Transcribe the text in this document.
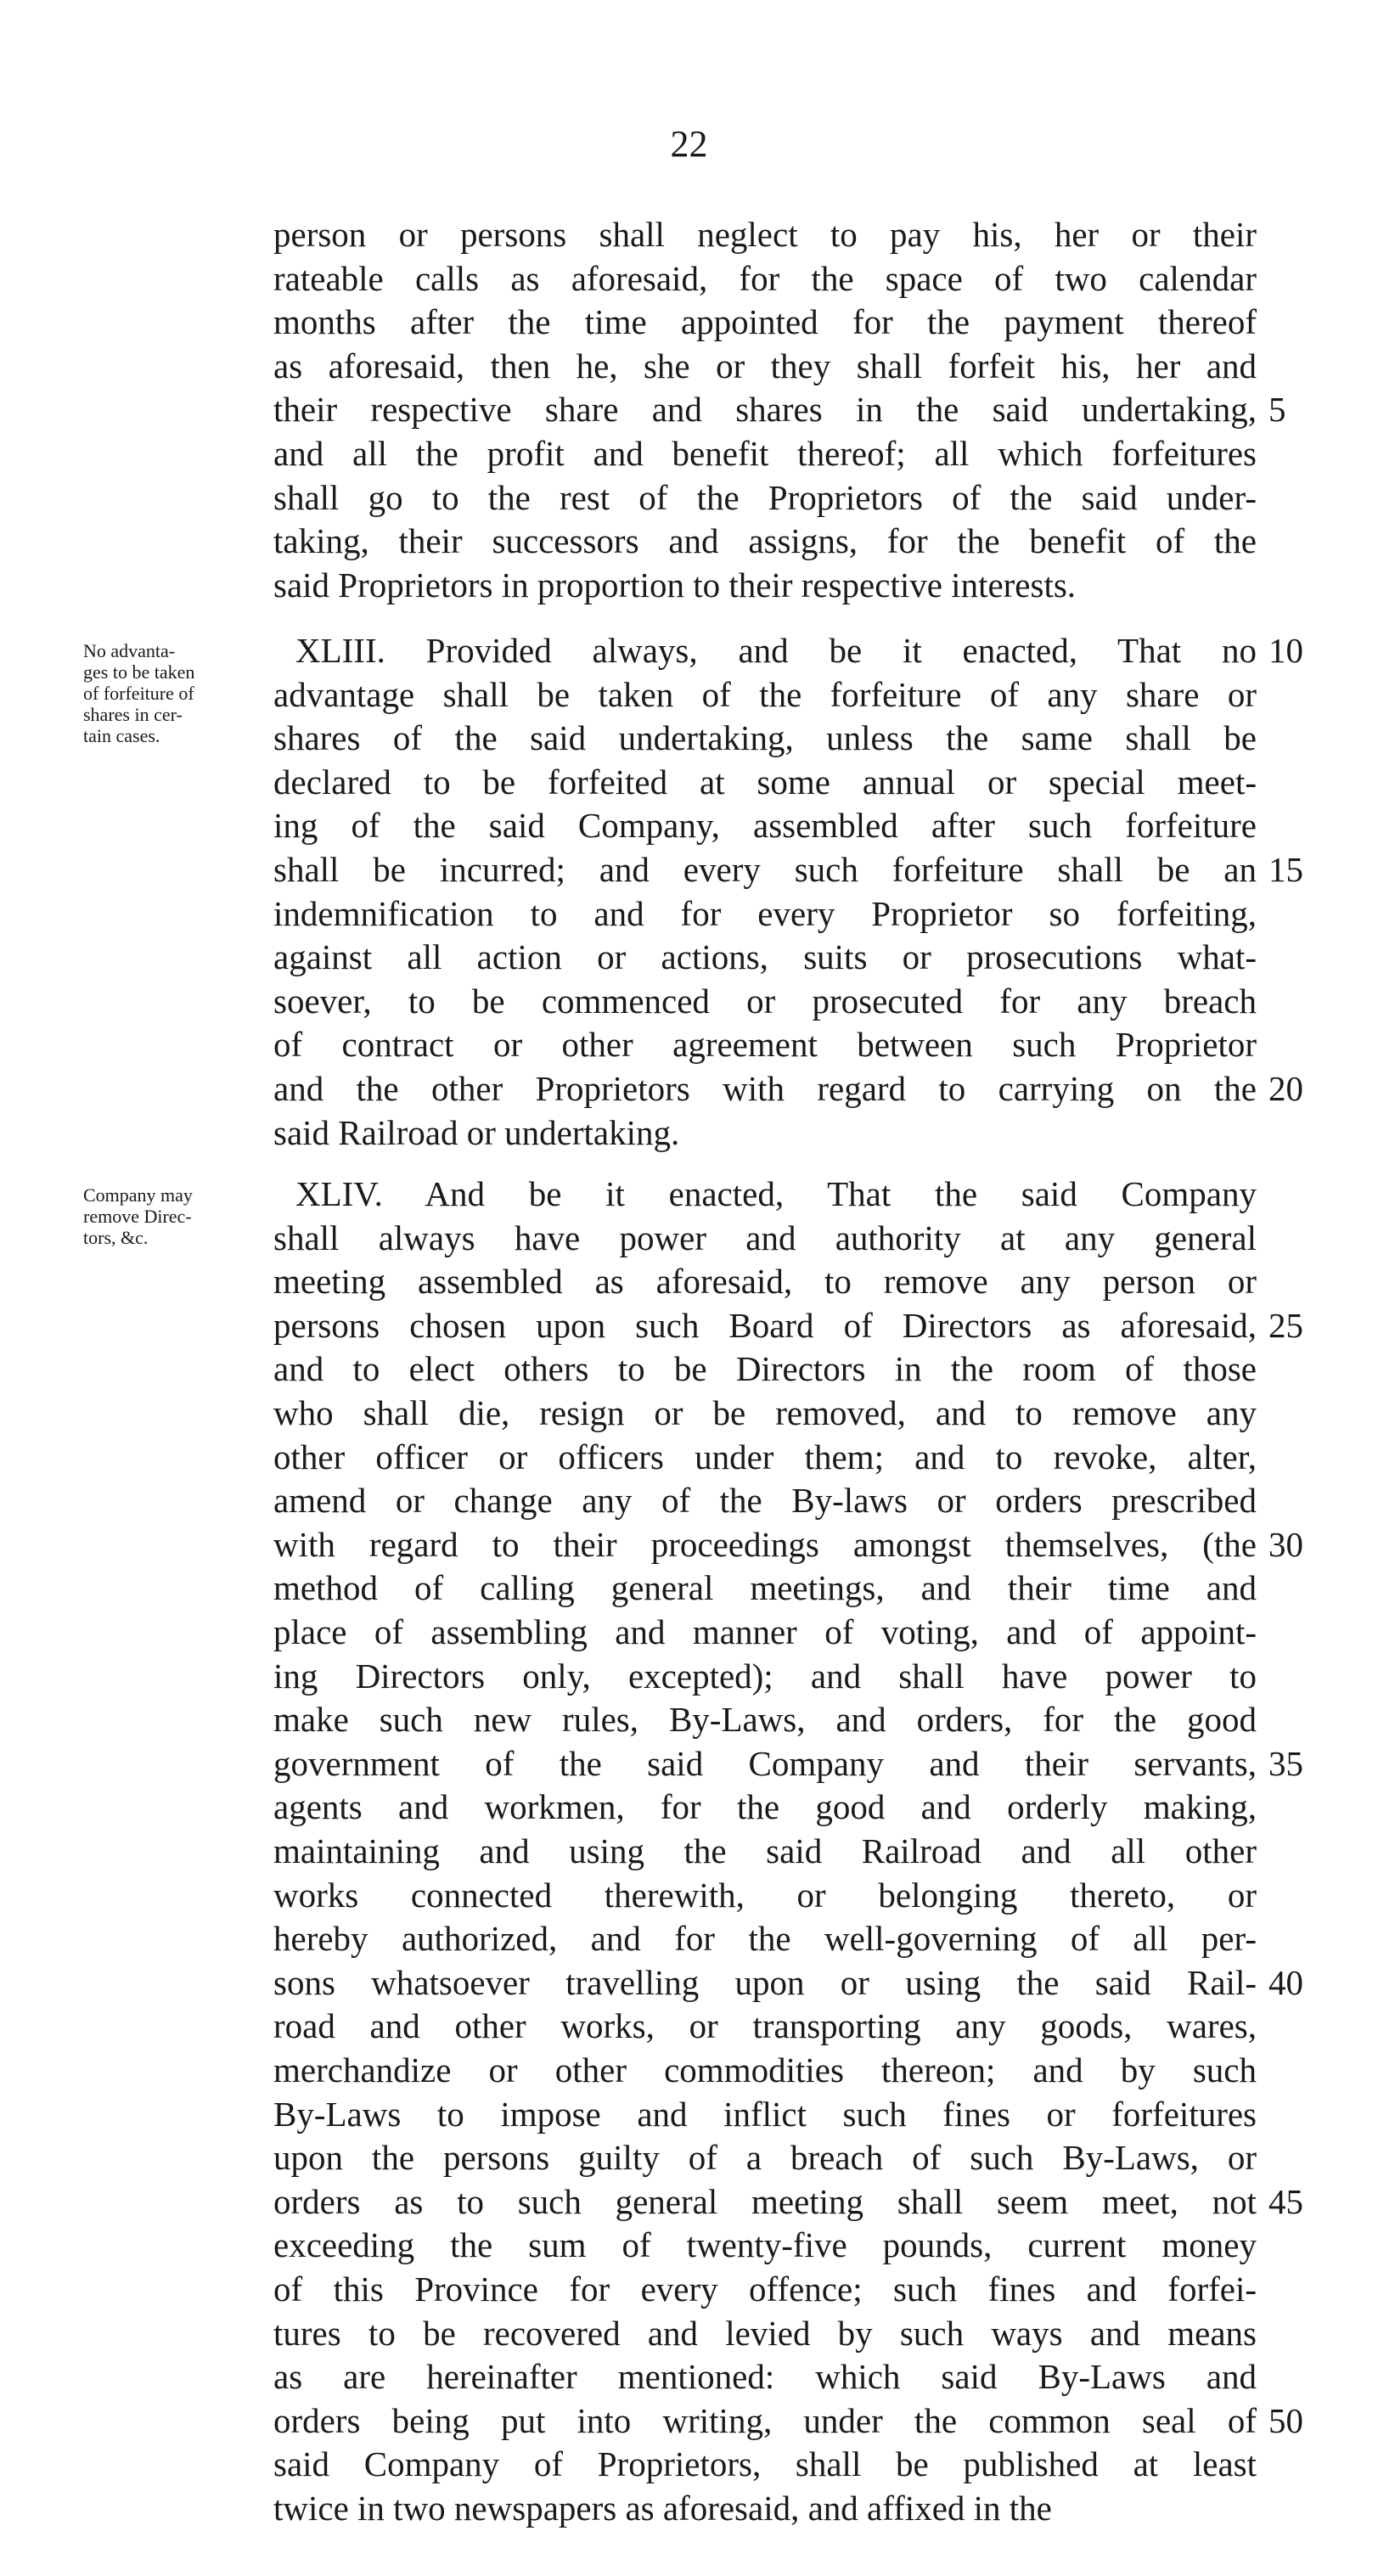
22
person or persons shall neglect to pay his, her or their
rateable calls as aforesaid, for the space of two calendar
months after the time appointed for the payment thereof
as aforesaid, then he, she or they shall forfeit his, her and
their respective share and shares in the said undertaking, 5
and all the profit and benefit thereof; all which forfeitures
shall go to the rest of the Proprietors of the said under-
taking, their successors and assigns, for the benefit of the
said Proprietors in proportion to their respective interests.
No advanta-
ges to be taken
of forfeiture of
shares in cer-
tain cases.
XLIII. Provided always, and be it enacted, That no 10
advantage shall be taken of the forfeiture of any share or
shares of the said undertaking, unless the same shall be
declared to be forfeited at some annual or special meet-
ing of the said Company, assembled after such forfeiture
shall be incurred; and every such forfeiture shall be an 15
indemnification to and for every Proprietor so forfeiting,
against all action or actions, suits or prosecutions what-
soever, to be commenced or prosecuted for any breach
of contract or other agreement between such Proprietor
and the other Proprietors with regard to carrying on the 20
said Railroad or undertaking.
Company may
remove Direc-
tors, &c.
XLIV. And be it enacted, That the said Company
shall always have power and authority at any general
meeting assembled as aforesaid, to remove any person or
persons chosen upon such Board of Directors as aforesaid, 25
and to elect others to be Directors in the room of those
who shall die, resign or be removed, and to remove any
other officer or officers under them; and to revoke, alter,
amend or change any of the By-laws or orders prescribed
with regard to their proceedings amongst themselves, (the 30
method of calling general meetings, and their time and
place of assembling and manner of voting, and of appoint-
ing Directors only, excepted); and shall have power to
make such new rules, By-Laws, and orders, for the good
government of the said Company and their servants, 35
agents and workmen, for the good and orderly making,
maintaining and using the said Railroad and all other
works connected therewith, or belonging thereto, or
hereby authorized, and for the well-governing of all per-
sons whatsoever travelling upon or using the said Rail- 40
road and other works, or transporting any goods, wares,
merchandize or other commodities thereon; and by such
By-Laws to impose and inflict such fines or forfeitures
upon the persons guilty of a breach of such By-Laws, or
orders as to such general meeting shall seem meet, not 45
exceeding the sum of twenty-five pounds, current money
of this Province for every offence; such fines and forfei-
tures to be recovered and levied by such ways and means
as are hereinafter mentioned: which said By-Laws and
orders being put into writing, under the common seal of 50
said Company of Proprietors, shall be published at least
twice in two newspapers as aforesaid, and affixed in the
